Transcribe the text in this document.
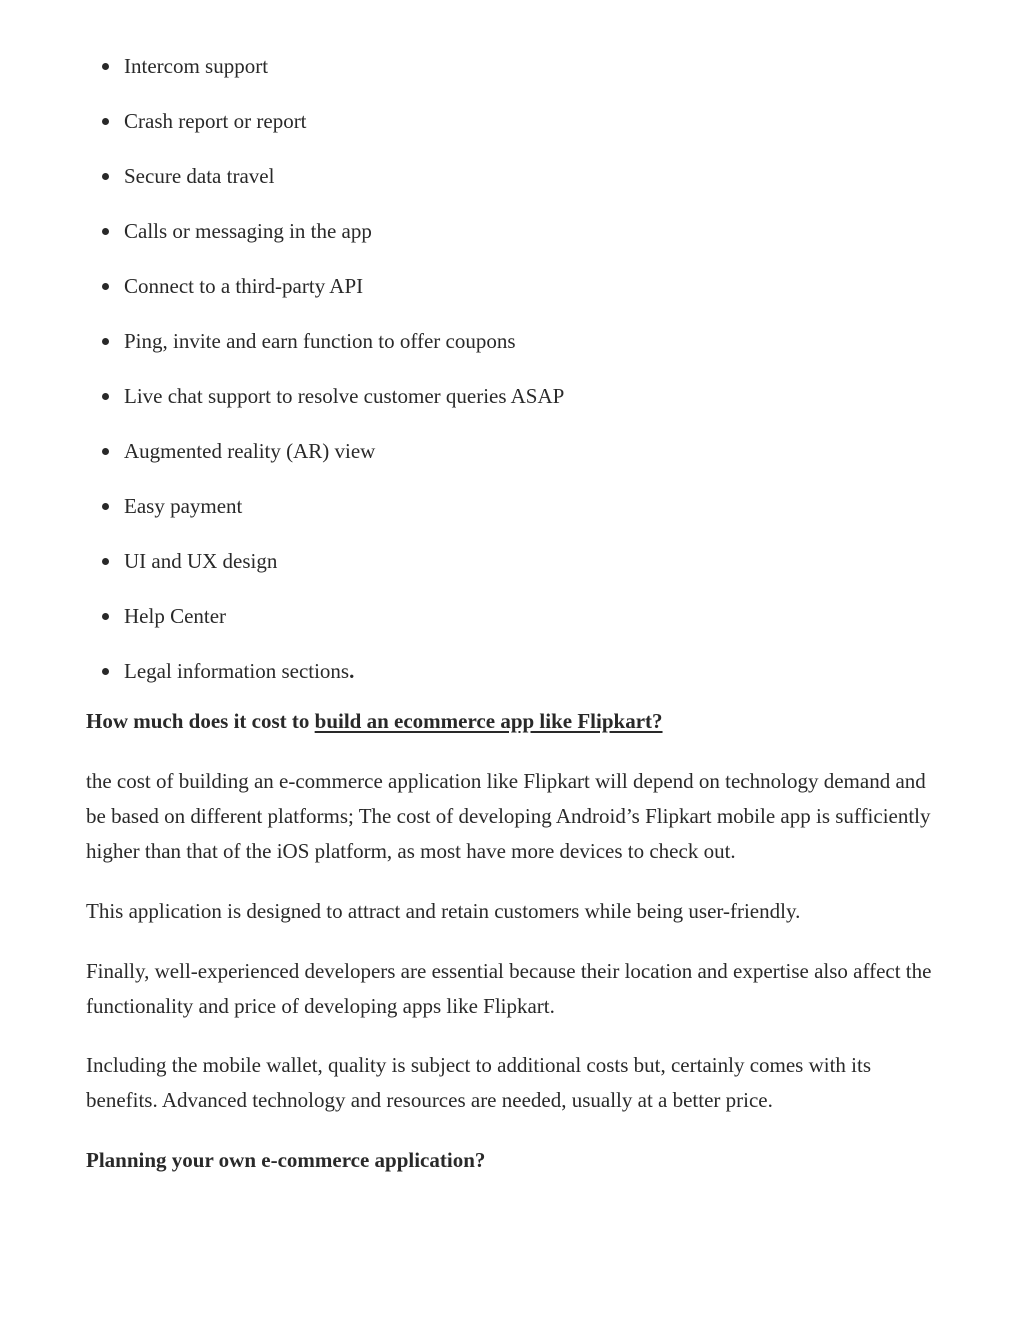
Intercom support
Crash report or report
Secure data travel
Calls or messaging in the app
Connect to a third-party API
Ping, invite and earn function to offer coupons
Live chat support to resolve customer queries ASAP
Augmented reality (AR) view
Easy payment
UI and UX design
Help Center
Legal information sections.

How much does it cost to build an ecommerce app like Flipkart?

the cost of building an e-commerce application like Flipkart will depend on technology demand and be based on different platforms; The cost of developing Android’s Flipkart mobile app is sufficiently higher than that of the iOS platform, as most have more devices to check out.

This application is designed to attract and retain customers while being user-friendly.

Finally, well-experienced developers are essential because their location and expertise also affect the functionality and price of developing apps like Flipkart.

Including the mobile wallet, quality is subject to additional costs but, certainly comes with its benefits. Advanced technology and resources are needed, usually at a better price.

Planning your own e-commerce application?
